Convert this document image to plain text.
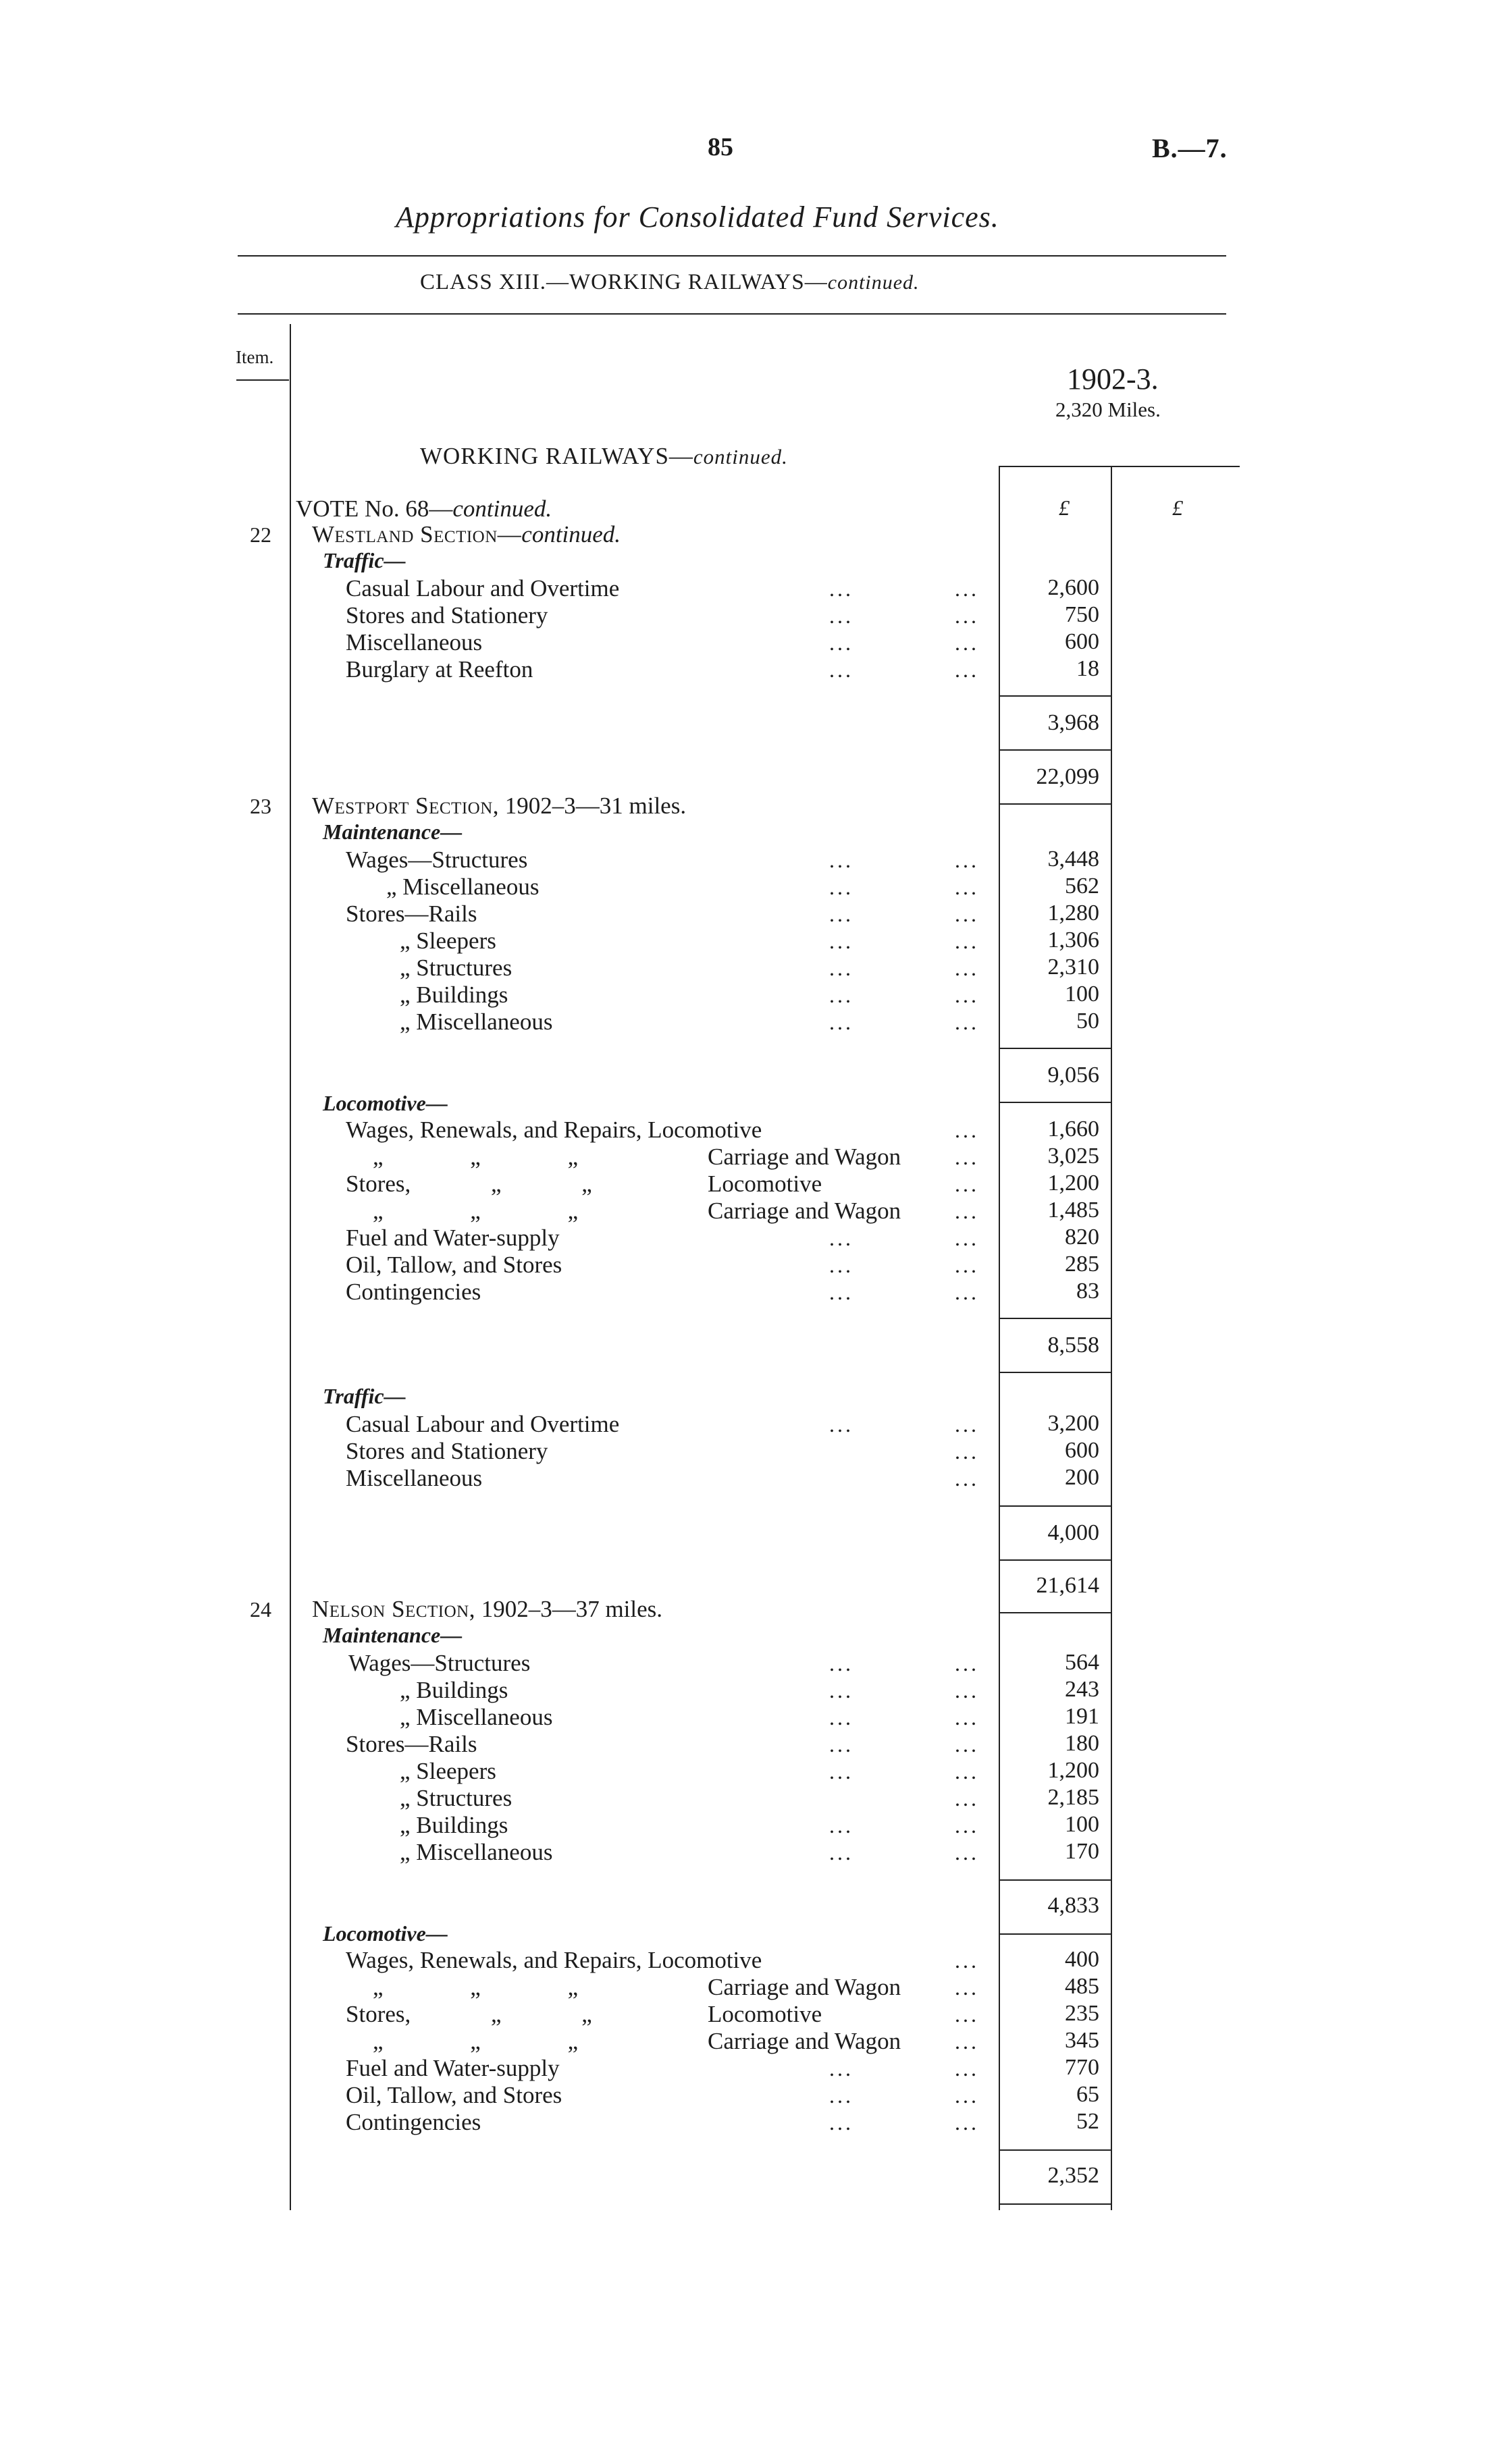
85	B.—7.
Appropriations for Consolidated Fund Services.
CLASS XIII.—WORKING RAILWAYS—continued.
Item.
1902-3.
2,320 Miles.
WORKING RAILWAYS—continued.
£	£
VOTE No. 68—continued.
22 Westland Section—continued.
Traffic—
Casual Labour and Overtime	...	...	2,600
Stores and Stationery	...	...	750
Miscellaneous	...	...	600
Burglary at Reefton	...	...	18
3,968
22,099
23 Westport Section, 1902–3—31 miles.
Maintenance—
Wages—Structures	...	...	3,448
„ Miscellaneous	...	...	562
Stores—Rails	...	...	1,280
„ Sleepers	...	...	1,306
„ Structures	...	...	2,310
„ Buildings	...	...	100
„ Miscellaneous	...	...	50
9,056
Locomotive—
Wages, Renewals, and Repairs, Locomotive	...	1,660
„ „ „	Carriage and Wagon ...	3,025
Stores, „ „	Locomotive	...	1,200
„ „ „	Carriage and Wagon ...	1,485
Fuel and Water-supply	...	...	820
Oil, Tallow, and Stores	...	...	285
Contingencies	...	...	83
8,558
Traffic—
Casual Labour and Overtime	...	...	3,200
Stores and Stationery	...	600
Miscellaneous	...	200
4,000
21,614
24 Nelson Section, 1902–3—37 miles.
Maintenance—
Wages—Structures	...	...	564
„ Buildings	...	...	243
„ Miscellaneous	...	...	191
Stores—Rails	...	...	180
„ Sleepers	...	...	1,200
„ Structures	...	2,185
„ Buildings	...	...	100
„ Miscellaneous	...	...	170
4,833
Locomotive—
Wages, Renewals, and Repairs, Locomotive	...	400
„ „ „	Carriage and Wagon ...	485
Stores, „ „	Locomotive	...	235
„ „ „	Carriage and Wagon ...	345
Fuel and Water-supply	...	...	770
Oil, Tallow, and Stores	...	...	65
Contingencies	...	...	52
2,352
